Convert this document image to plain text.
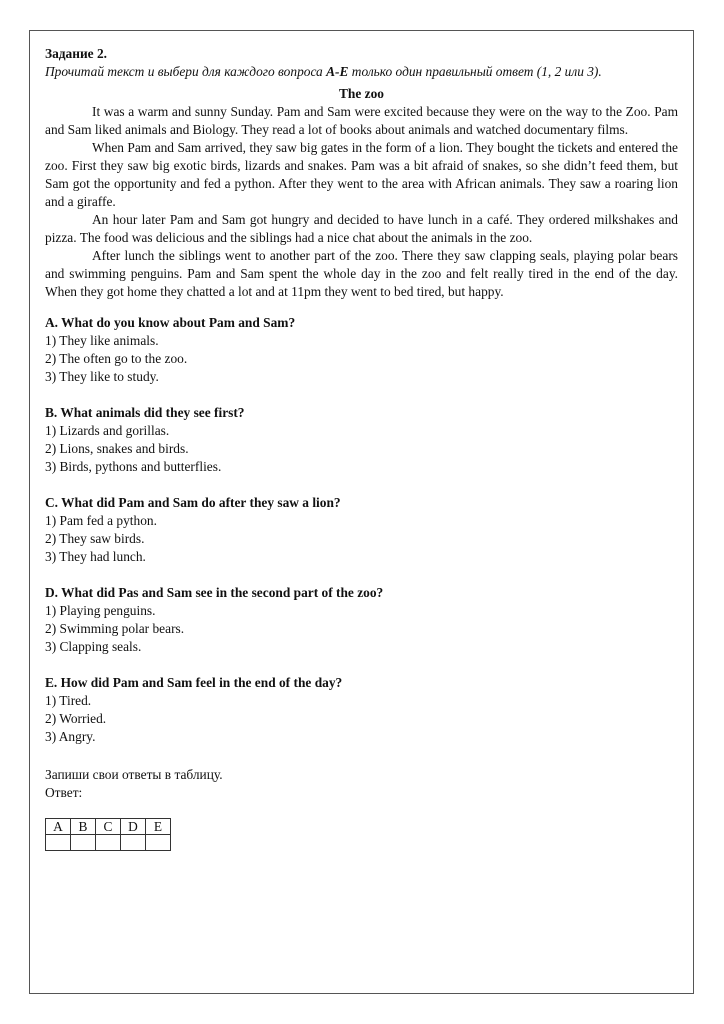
Задание 2.
Прочитай текст и выбери для каждого вопроса A-E только один правильный ответ (1, 2 или 3).
The zoo

It was a warm and sunny Sunday. Pam and Sam were excited because they were on the way to the Zoo. Pam and Sam liked animals and Biology. They read a lot of books about animals and watched documentary films.

When Pam and Sam arrived, they saw big gates in the form of a lion. They bought the tickets and entered the zoo. First they saw big exotic birds, lizards and snakes. Pam was a bit afraid of snakes, so she didn’t feed them, but Sam got the opportunity and fed a python. After they went to the area with African animals. They saw a roaring lion and a giraffe.

An hour later Pam and Sam got hungry and decided to have lunch in a café. They ordered milkshakes and pizza. The food was delicious and the siblings had a nice chat about the animals in the zoo.

After lunch the siblings went to another part of the zoo. There they saw clapping seals, playing polar bears and swimming penguins. Pam and Sam spent the whole day in the zoo and felt really tired in the end of the day. When they got home they chatted a lot and at 11pm they went to bed tired, but happy.

A. What do you know about Pam and Sam?
1) They like animals.
2) The often go to the zoo.
3) They like to study.
B. What animals did they see first?
1) Lizards and gorillas.
2) Lions, snakes and birds.
3) Birds, pythons and butterflies.
C. What did Pam and Sam do after they saw a lion?
1) Pam fed a python.
2) They saw birds.
3) They had lunch.
D. What did Pas and Sam see in the second part of the zoo?
1) Playing penguins.
2) Swimming polar bears.
3) Clapping seals.
E. How did Pam and Sam feel in the end of the day?
1) Tired.
2) Worried.
3) Angry.
Запиши свои ответы в таблицу.
Ответ:
A	B	C	D	E
